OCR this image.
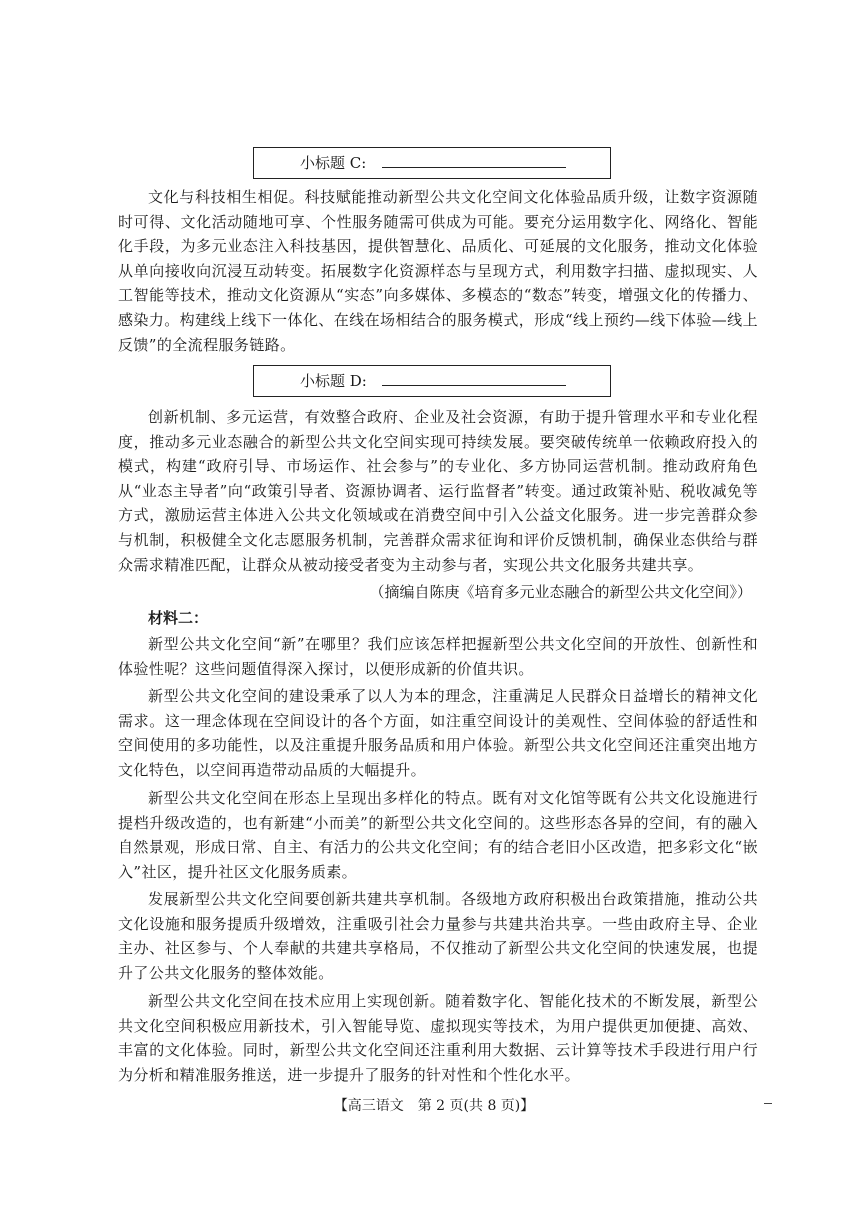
小标题 C:

文化与科技相生相促。科技赋能推动新型公共文化空间文化体验品质升级，让数字资源随时可得、文化活动随地可享、个性服务随需可供成为可能。要充分运用数字化、网络化、智能化手段，为多元业态注入科技基因，提供智慧化、品质化、可延展的文化服务，推动文化体验从单向接收向沉浸互动转变。拓展数字化资源样态与呈现方式，利用数字扫描、虚拟现实、人工智能等技术，推动文化资源从“实态”向多媒体、多模态的“数态”转变，增强文化的传播力、感染力。构建线上线下一体化、在线在场相结合的服务模式，形成“线上预约—线下体验—线上反馈”的全流程服务链路。

小标题 D:

创新机制、多元运营，有效整合政府、企业及社会资源，有助于提升管理水平和专业化程度，推动多元业态融合的新型公共文化空间实现可持续发展。要突破传统单一依赖政府投入的模式，构建“政府引导、市场运作、社会参与”的专业化、多方协同运营机制。推动政府角色从“业态主导者”向“政策引导者、资源协调者、运行监督者”转变。通过政策补贴、税收减免等方式，激励运营主体进入公共文化领域或在消费空间中引入公益文化服务。进一步完善群众参与机制，积极健全文化志愿服务机制，完善群众需求征询和评价反馈机制，确保业态供给与群众需求精准匹配，让群众从被动接受者变为主动参与者，实现公共文化服务共建共享。

（摘编自陈庚《培育多元业态融合的新型公共文化空间》）

材料二：

新型公共文化空间“新”在哪里？我们应该怎样把握新型公共文化空间的开放性、创新性和体验性呢？这些问题值得深入探讨，以便形成新的价值共识。

新型公共文化空间的建设秉承了以人为本的理念，注重满足人民群众日益增长的精神文化需求。这一理念体现在空间设计的各个方面，如注重空间设计的美观性、空间体验的舒适性和空间使用的多功能性，以及注重提升服务品质和用户体验。新型公共文化空间还注重突出地方文化特色，以空间再造带动品质的大幅提升。

新型公共文化空间在形态上呈现出多样化的特点。既有对文化馆等既有公共文化设施进行提档升级改造的，也有新建“小而美”的新型公共文化空间的。这些形态各异的空间，有的融入自然景观，形成日常、自主、有活力的公共文化空间；有的结合老旧小区改造，把多彩文化“嵌入”社区，提升社区文化服务质素。

发展新型公共文化空间要创新共建共享机制。各级地方政府积极出台政策措施，推动公共文化设施和服务提质升级增效，注重吸引社会力量参与共建共治共享。一些由政府主导、企业主办、社区参与、个人奉献的共建共享格局，不仅推动了新型公共文化空间的快速发展，也提升了公共文化服务的整体效能。

新型公共文化空间在技术应用上实现创新。随着数字化、智能化技术的不断发展，新型公共文化空间积极应用新技术，引入智能导览、虚拟现实等技术，为用户提供更加便捷、高效、丰富的文化体验。同时，新型公共文化空间还注重利用大数据、云计算等技术手段进行用户行为分析和精准服务推送，进一步提升了服务的针对性和个性化水平。

【高三语文　第 2 页(共 8 页)】
